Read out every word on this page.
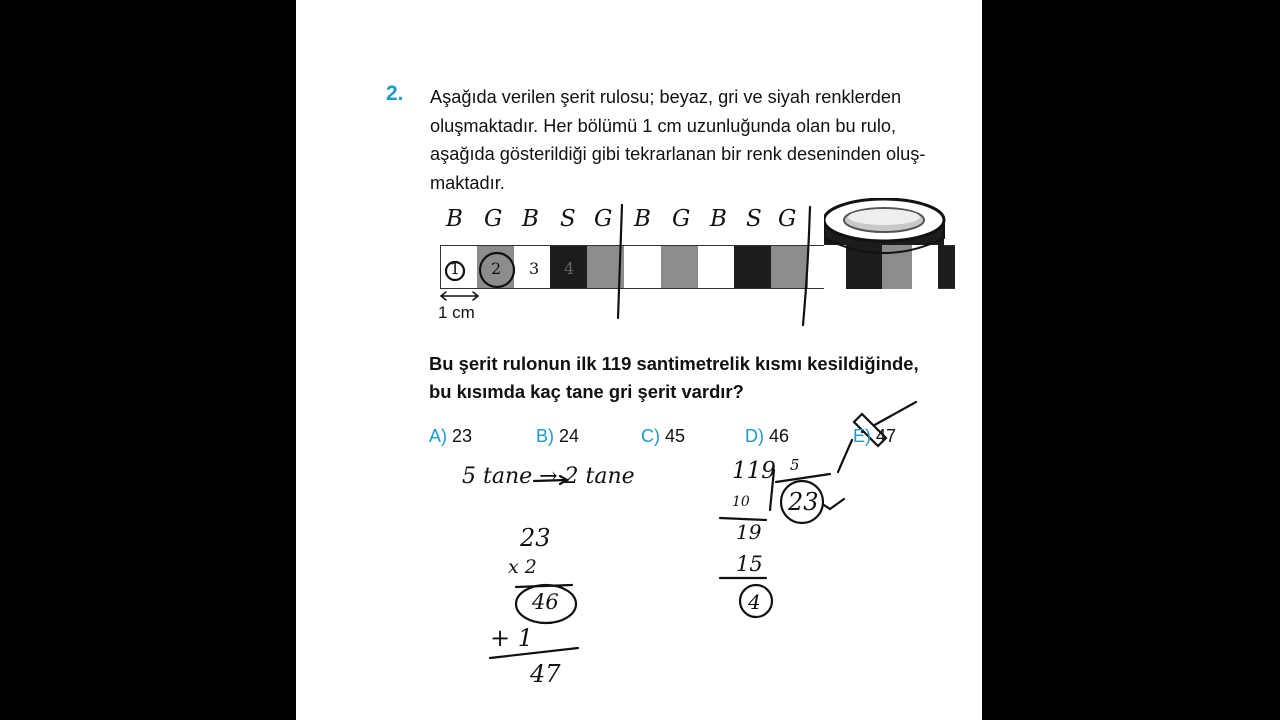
2. Aşağıda verilen şerit rulosu; beyaz, gri ve siyah renklerden
oluşmaktadır. Her bölümü 1 cm uzunluğunda olan bu rulo,
aşağıda gösterildiği gibi tekrarlanan bir renk deseninden oluş-
maktadır.
1 cm
B G B S G B G B S G
1 2 3 4
5 tane → 2 tane
23
x 2
46
+ 1
47
119 5
10
19
15
4
23
Bu şerit rulonun ilk 119 santimetrelik kısmı kesildiğinde,
bu kısımda kaç tane gri şerit vardır?
A) 23	B) 24	C) 45	D) 46	E) 47
